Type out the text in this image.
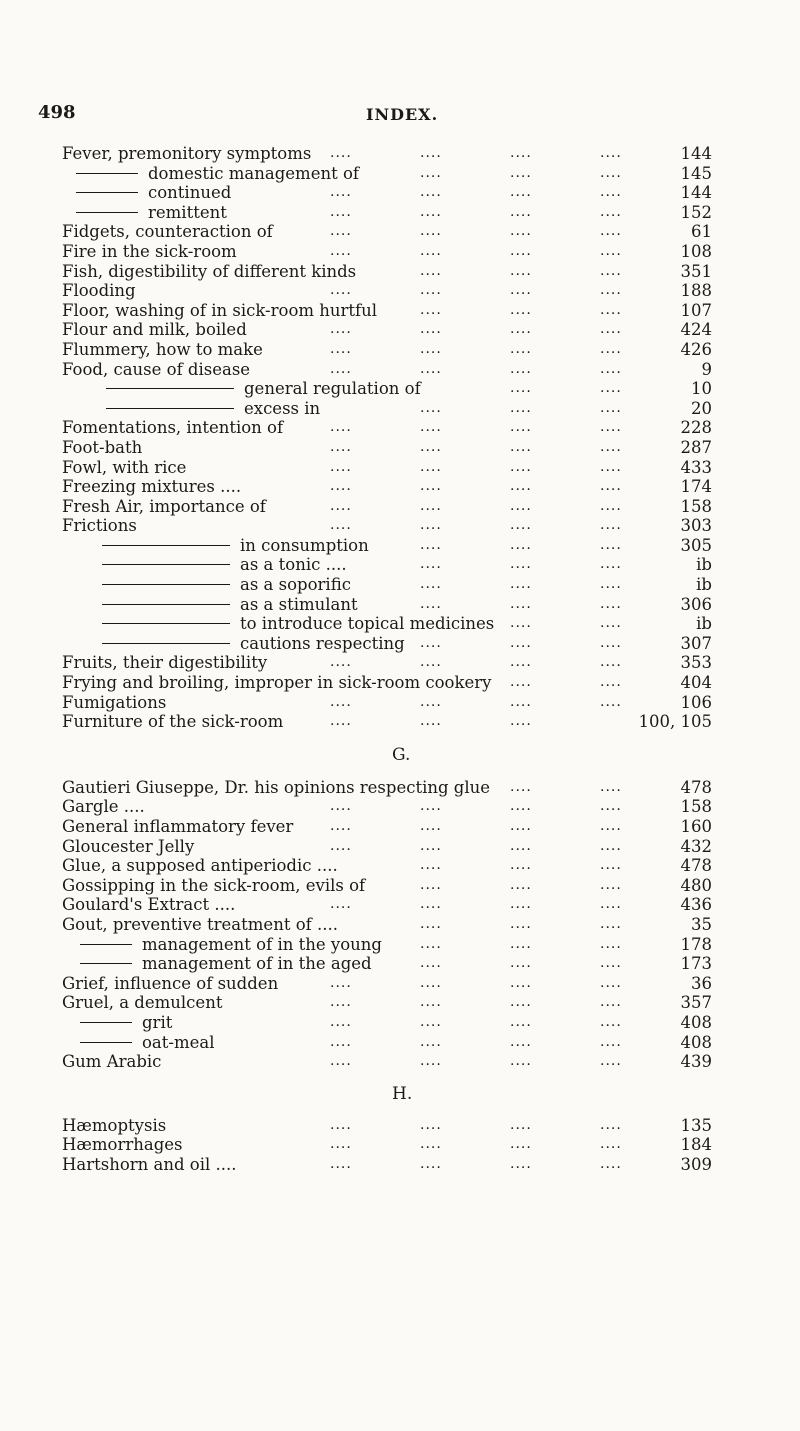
498	INDEX.
Fever, premonitory symptoms ....	....	....	....	144
domestic management of	....	....	....	145
continued	....	....	....	....	144
remittent	....	....	....	....	152
Fidgets, counteraction of	....	....	....	....	61
Fire in the sick-room	....	....	....	....	108
Fish, digestibility of different kinds	....	....	....	351
Flooding	....	....	....	....	188
Floor, washing of in sick-room hurtful	....	....	....	107
Flour and milk, boiled	....	....	....	....	424
Flummery, how to make	....	....	....	....	426
Food, cause of disease	....	....	....	....	9
general regulation of	....	....	10
excess in	....	....	....	20
Fomentations, intention of	....	....	....	....	228
Foot-bath	....	....	....	....	287
Fowl, with rice	....	....	....	....	433
Freezing mixtures ....	....	....	....	....	174
Fresh Air, importance of	....	....	....	....	158
Frictions	....	....	....	....	303
in consumption	....	....	....	305
as a tonic ....	....	....	....	ib
as a soporific	....	....	....	ib
as a stimulant	....	....	....	306
to introduce topical medicines ....	....	ib
cautions respecting ....	....	....	307
Fruits, their digestibility	....	....	....	....	353
Frying and broiling, improper in sick-room cookery ....	....	404
Fumigations	....	....	....	....	106
Furniture of the sick-room	....	....	....	100, 105
G.
Gautieri Giuseppe, Dr. his opinions respecting glue ....	....	478
Gargle ....	....	....	....	....	158
General inflammatory fever	....	....	....	....	160
Gloucester Jelly	....	....	....	....	432
Glue, a supposed antiperiodic ....	....	....	....	478
Gossipping in the sick-room, evils of	....	....	....	480
Goulard's Extract ....	....	....	....	....	436
Gout, preventive treatment of ....	....	....	....	35
management of in the young	....	....	....	178
management of in the aged	....	....	....	173
Grief, influence of sudden	....	....	....	....	36
Gruel, a demulcent	....	....	....	....	357
grit	....	....	....	....	408
oat-meal	....	....	....	....	408
Gum Arabic	....	....	....	....	439
H.
Hæmoptysis	....	....	....	....	135
Hæmorrhages	....	....	....	....	184
Hartshorn and oil ....	....	....	....	....	309
